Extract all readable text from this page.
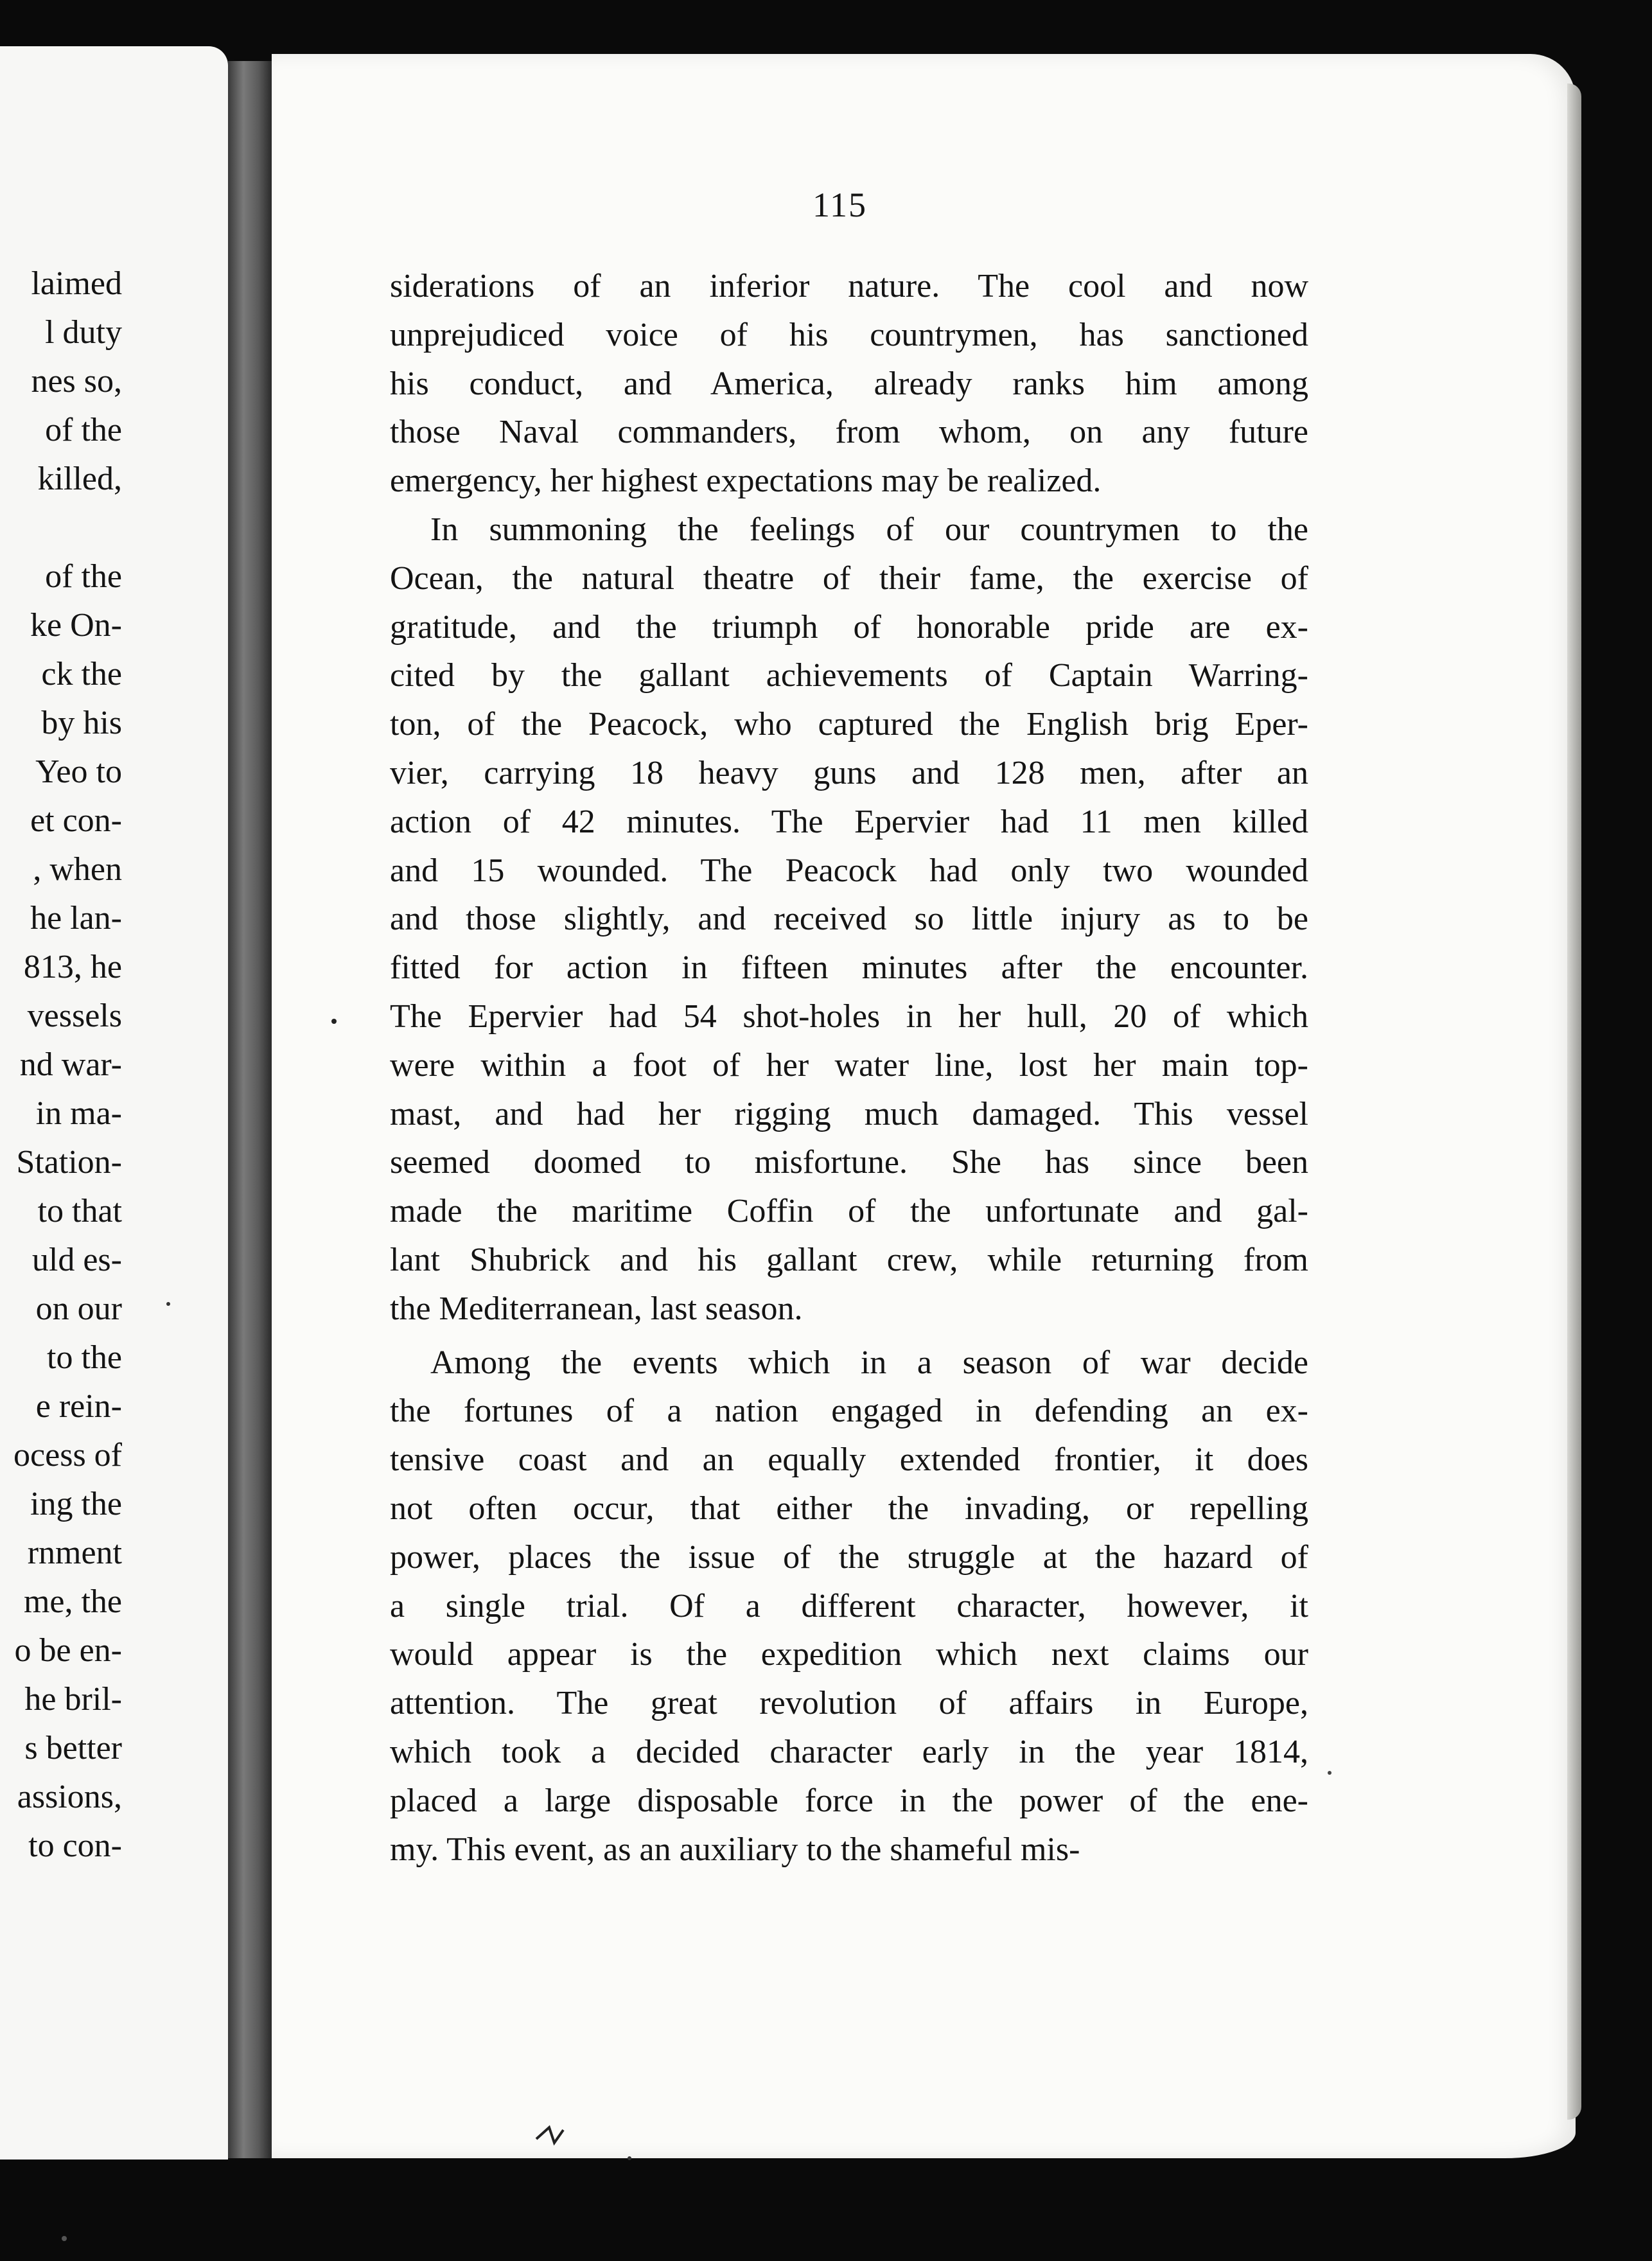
laimed
l duty
nes so,
of the
killed,
of the
ke On-
ck the
by his
Yeo to
et con-
, when
he lan-
813, he
vessels
nd war-
in ma-
Station-
to that
uld es-
on our
to the
e rein-
ocess of
ing the
rnment
me, the
o be en-
he bril-
s better
assions,
to con-
115
siderations of an inferior nature. The cool and now
unprejudiced voice of his countrymen, has sanctioned
his conduct, and America, already ranks him among
those Naval commanders, from whom, on any future
emergency, her highest expectations may be realized.
In summoning the feelings of our countrymen to the
Ocean, the natural theatre of their fame, the exercise of
gratitude, and the triumph of honorable pride are ex-
cited by the gallant achievements of Captain Warring-
ton, of the Peacock, who captured the English brig Eper-
vier, carrying 18 heavy guns and 128 men, after an
action of 42 minutes. The Epervier had 11 men killed
and 15 wounded. The Peacock had only two wounded
and those slightly, and received so little injury as to be
fitted for action in fifteen minutes after the encounter.
The Epervier had 54 shot-holes in her hull, 20 of which
were within a foot of her water line, lost her main top-
mast, and had her rigging much damaged. This vessel
seemed doomed to misfortune. She has since been
made the maritime Coffin of the unfortunate and gal-
lant Shubrick and his gallant crew, while returning from
the Mediterranean, last season.
Among the events which in a season of war decide
the fortunes of a nation engaged in defending an ex-
tensive coast and an equally extended frontier, it does
not often occur, that either the invading, or repelling
power, places the issue of the struggle at the hazard of
a single trial. Of a different character, however, it
would appear is the expedition which next claims our
attention. The great revolution of affairs in Europe,
which took a decided character early in the year 1814,
placed a large disposable force in the power of the ene-
my. This event, as an auxiliary to the shameful mis-
